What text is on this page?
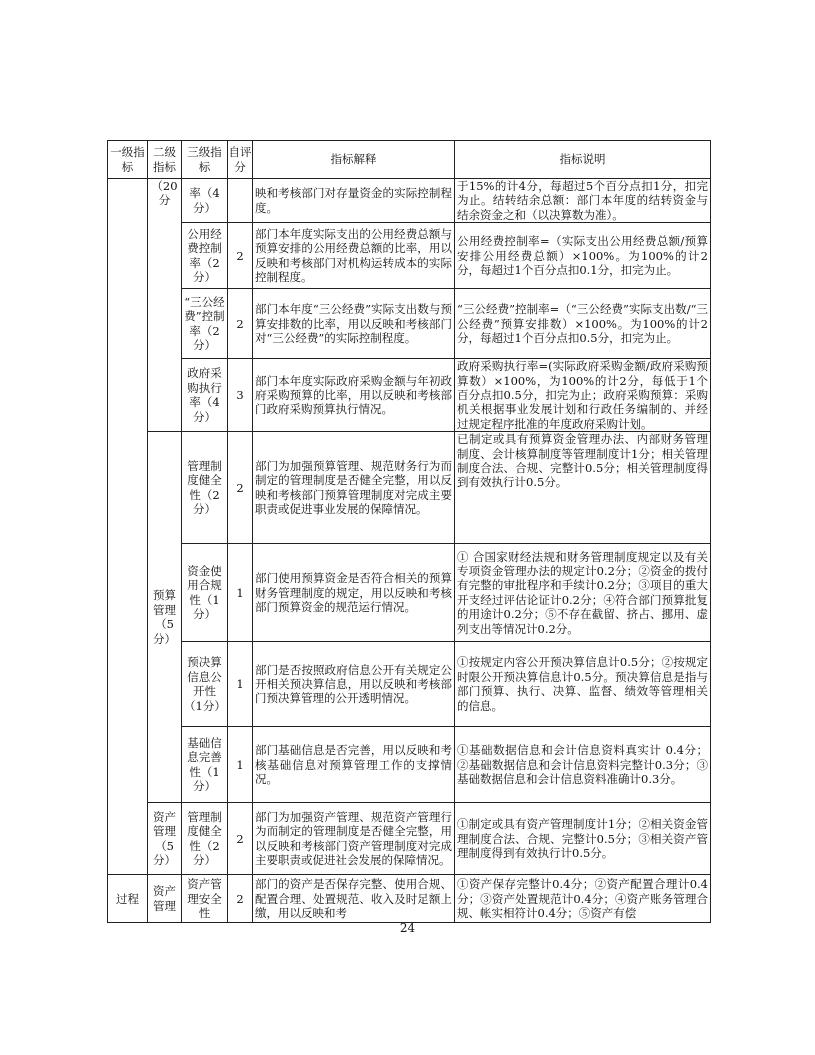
一级指标	二级指标	三级指标	自评分	指标解释	指标说明
	（20分	率（4分）		映和考核部门对存量资金的实际控制程度。	于15%的计4分，每超过5个百分点扣1分，扣完为止。结转结余总额：部门本年度的结转资金与结余资金之和（以决算数为准）。
		公用经费控制率（2分）	2	部门本年度实际支出的公用经费总额与预算安排的公用经费总额的比率，用以反映和考核部门对机构运转成本的实际控制程度。	公用经费控制率=（实际支出公用经费总额/预算安排公用经费总额）×100%。为100%的计2分，每超过1个百分点扣0.1分，扣完为止。
		“三公经费”控制率（2分）	2	部门本年度“三公经费”实际支出数与预算安排数的比率，用以反映和考核部门对“三公经费”的实际控制程度。	“三公经费”控制率=（“三公经费”实际支出数/“三公经费”预算安排数）×100%。为100%的计2分，每超过1个百分点扣0.5分，扣完为止。
		政府采购执行率（4分）	3	部门本年度实际政府采购金额与年初政府采购预算的比率，用以反映和考核部门政府采购预算执行情况。	政府采购执行率=(实际政府采购金额/政府采购预算数）×100%，为100%的计2分，每低于1个百分点扣0.5分，扣完为止；政府采购预算：采购机关根据事业发展计划和行政任务编制的、并经过规定程序批准的年度政府采购计划。
	预算管理（5分）	管理制度健全性（2分）	2	部门为加强预算管理、规范财务行为而制定的管理制度是否健全完整，用以反映和考核部门预算管理制度对完成主要职责或促进事业发展的保障情况。	已制定或具有预算资金管理办法、内部财务管理制度、会计核算制度等管理制度计1分；相关管理制度合法、合规、完整计0.5分；相关管理制度得到有效执行计0.5分。
		资金使用合规性（1分）	1	部门使用预算资金是否符合相关的预算财务管理制度的规定，用以反映和考核部门预算资金的规范运行情况。	① 合国家财经法规和财务管理制度规定以及有关专项资金管理办法的规定计0.2分；②资金的拨付有完整的审批程序和手续计0.2分；③项目的重大开支经过评估论证计0.2分；④符合部门预算批复的用途计0.2分；⑤不存在截留、挤占、挪用、虚列支出等情况计0.2分。
		预决算信息公开性（1分）	1	部门是否按照政府信息公开有关规定公开相关预决算信息，用以反映和考核部门预决算管理的公开透明情况。	①按规定内容公开预决算信息计0.5分；②按规定时限公开预决算信息计0.5分。预决算信息是指与部门预算、执行、决算、监督、绩效等管理相关的信息。
		基础信息完善性（1分）	1	部门基础信息是否完善，用以反映和考核基础信息对预算管理工作的支撑情况。	①基础数据信息和会计信息资料真实计 0.4分；②基础数据信息和会计信息资料完整计0.3分；③基础数据信息和会计信息资料准确计0.3分。
	资产管理（5分）	管理制度健全性（2分）	2	部门为加强资产管理、规范资产管理行为而制定的管理制度是否健全完整，用以反映和考核部门资产管理制度对完成主要职责或促进社会发展的保障情况。	①制定或具有资产管理制度计1分；②相关资金管理制度合法、合规、完整计0.5分；③相关资产管理制度得到有效执行计0.5分。
过程	资产管理	资产管理安全性	2	部门的资产是否保存完整、使用合规、配置合理、处置规范、收入及时足额上缴，用以反映和考	①资产保存完整计0.4分；②资产配置合理计0.4分；③资产处置规范计0.4分；④资产账务管理合规、帐实相符计0.4分；⑤资产有偿
24
